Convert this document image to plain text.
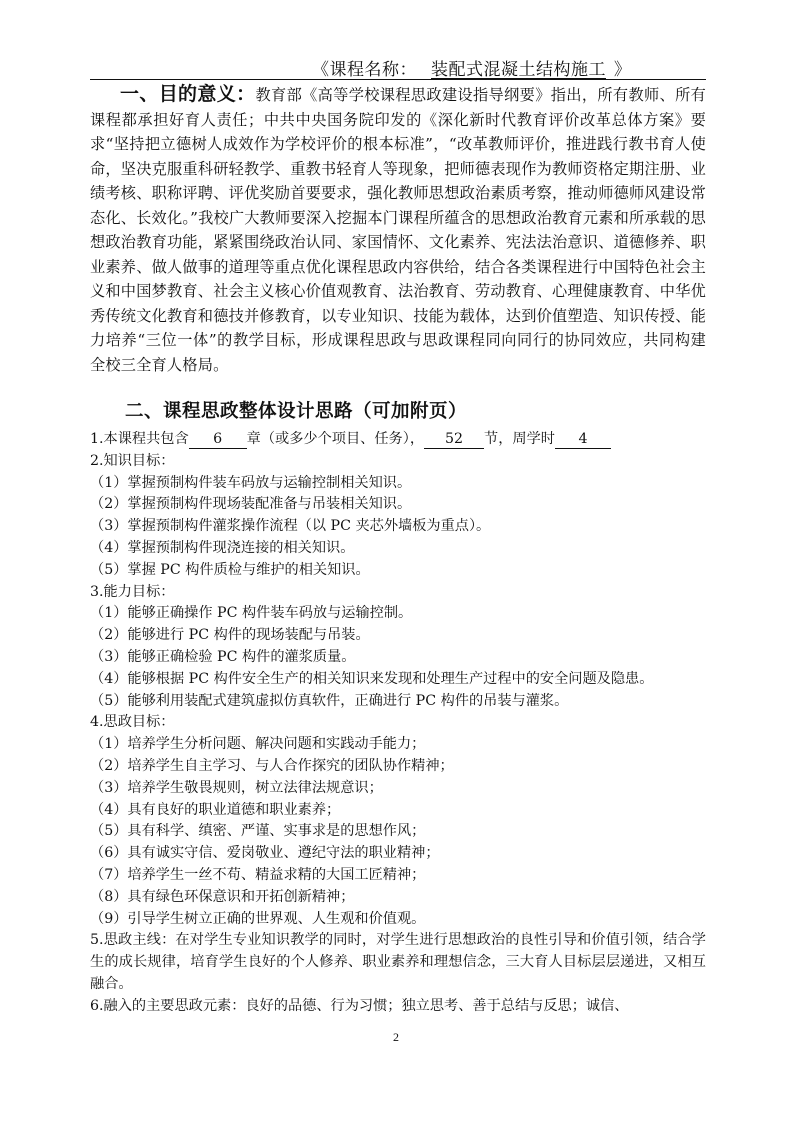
《课程名称： 装配式混凝土结构施工 》
一、目的意义：教育部《高等学校课程思政建设指导纲要》指出，所有教师、所有课程都承担好育人责任；中共中央国务院印发的《深化新时代教育评价改革总体方案》要求“坚持把立德树人成效作为学校评价的根本标准”，“改革教师评价，推进践行教书育人使命，坚决克服重科研轻教学、重教书轻育人等现象，把师德表现作为教师资格定期注册、业绩考核、职称评聘、评优奖励首要要求，强化教师思想政治素质考察，推动师德师风建设常态化、长效化。”我校广大教师要深入挖掘本门课程所蕴含的思想政治教育元素和所承载的思想政治教育功能，紧紧围绕政治认同、家国情怀、文化素养、宪法法治意识、道德修养、职业素养、做人做事的道理等重点优化课程思政内容供给，结合各类课程进行中国特色社会主义和中国梦教育、社会主义核心价值观教育、法治教育、劳动教育、心理健康教育、中华优秀传统文化教育和德技并修教育，以专业知识、技能为载体，达到价值塑造、知识传授、能力培养“三位一体”的教学目标，形成课程思政与思政课程同向同行的协同效应，共同构建全校三全育人格局。
二、课程思政整体设计思路（可加附页）
1.本课程共包含 6 章（或多少个项目、任务）， 52 节，周学时 4
2.知识目标：
（1）掌握预制构件装车码放与运输控制相关知识。
（2）掌握预制构件现场装配准备与吊装相关知识。
（3）掌握预制构件灌浆操作流程（以 PC 夹芯外墙板为重点）。
（4）掌握预制构件现浇连接的相关知识。
（5）掌握 PC 构件质检与维护的相关知识。
3.能力目标：
（1）能够正确操作 PC 构件装车码放与运输控制。
（2）能够进行 PC 构件的现场装配与吊装。
（3）能够正确检验 PC 构件的灌浆质量。
（4）能够根据 PC 构件安全生产的相关知识来发现和处理生产过程中的安全问题及隐患。
（5）能够利用装配式建筑虚拟仿真软件，正确进行 PC 构件的吊装与灌浆。
4.思政目标：
（1）培养学生分析问题、解决问题和实践动手能力；
（2）培养学生自主学习、与人合作探究的团队协作精神；
（3）培养学生敬畏规则，树立法律法规意识；
（4）具有良好的职业道德和职业素养；
（5）具有科学、缜密、严谨、实事求是的思想作风；
（6）具有诚实守信、爱岗敬业、遵纪守法的职业精神；
（7）培养学生一丝不苟、精益求精的大国工匠精神；
（8）具有绿色环保意识和开拓创新精神；
（9）引导学生树立正确的世界观、人生观和价值观。
5.思政主线：在对学生专业知识教学的同时，对学生进行思想政治的良性引导和价值引领，结合学生的成长规律，培育学生良好的个人修养、职业素养和理想信念，三大育人目标层层递进，又相互融合。
6.融入的主要思政元素：良好的品德、行为习惯；独立思考、善于总结与反思；诚信、
2
